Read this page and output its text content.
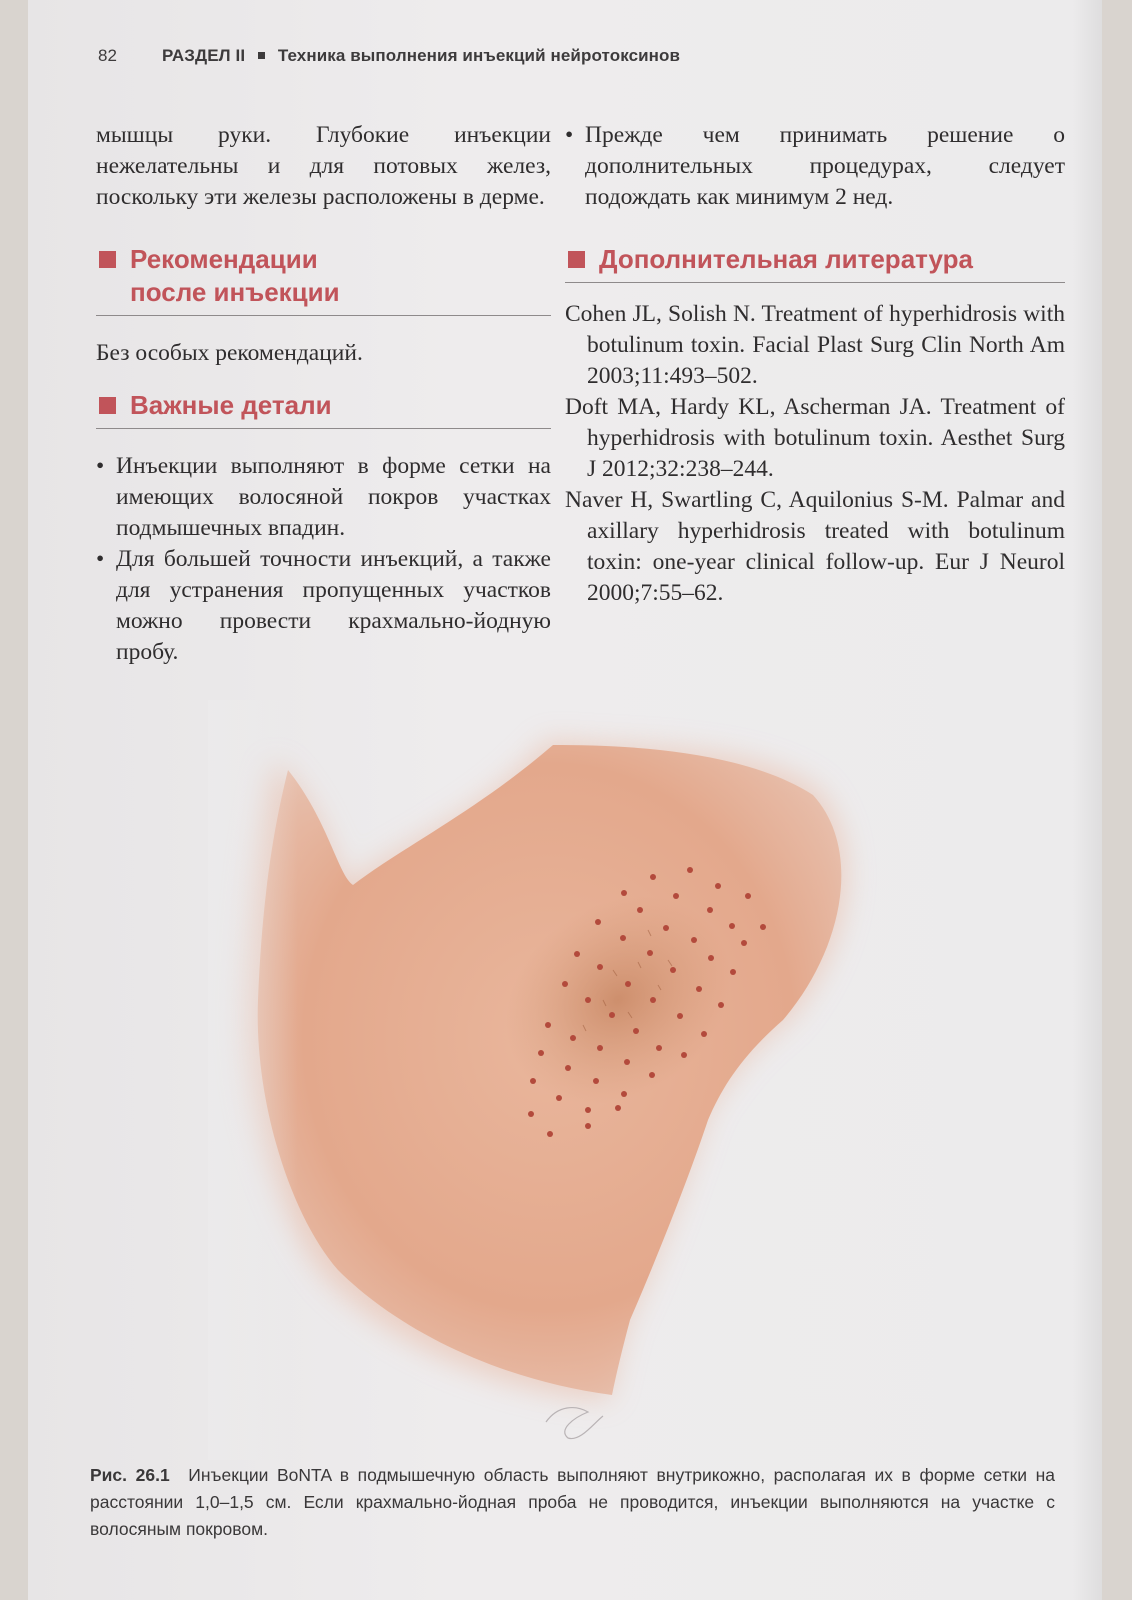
82	РАЗДЕЛ II Техника выполнения инъекций нейротоксинов

мышцы руки. Глубокие инъекции нежелательны и для потовых желез, поскольку эти железы расположены в дерме.

Рекомендации
после инъекции

Без особых рекомендаций.

Важные детали
• Инъекции выполняют в форме сетки на имеющих волосяной покров участках подмышечных впадин.
• Для большей точности инъекций, а также для устранения пропущенных участков можно провести крахмально-йодную пробу.
• Прежде чем принимать решение о дополнительных процедурах, следует подождать как минимум 2 нед.
Дополнительная литература

Cohen JL, Solish N. Treatment of hyperhidrosis with botulinum toxin. Facial Plast Surg Clin North Am 2003;11:493–502.

Doft MA, Hardy KL, Ascherman JA. Treatment of hyperhidrosis with botulinum toxin. Aesthet Surg J 2012;32:238–244.

Naver H, Swartling C, Aquilonius S-M. Palmar and axillary hyperhidrosis treated with botulinum toxin: one-year clinical follow-up. Eur J Neurol 2000;7:55–62.

Рис. 26.1 Инъекции BoNTA в подмышечную область выполняют внутрикожно, располагая их в форме сетки на расстоянии 1,0–1,5 см. Если крахмально-йодная проба не проводится, инъекции выполняются на участке с волосяным покровом.
